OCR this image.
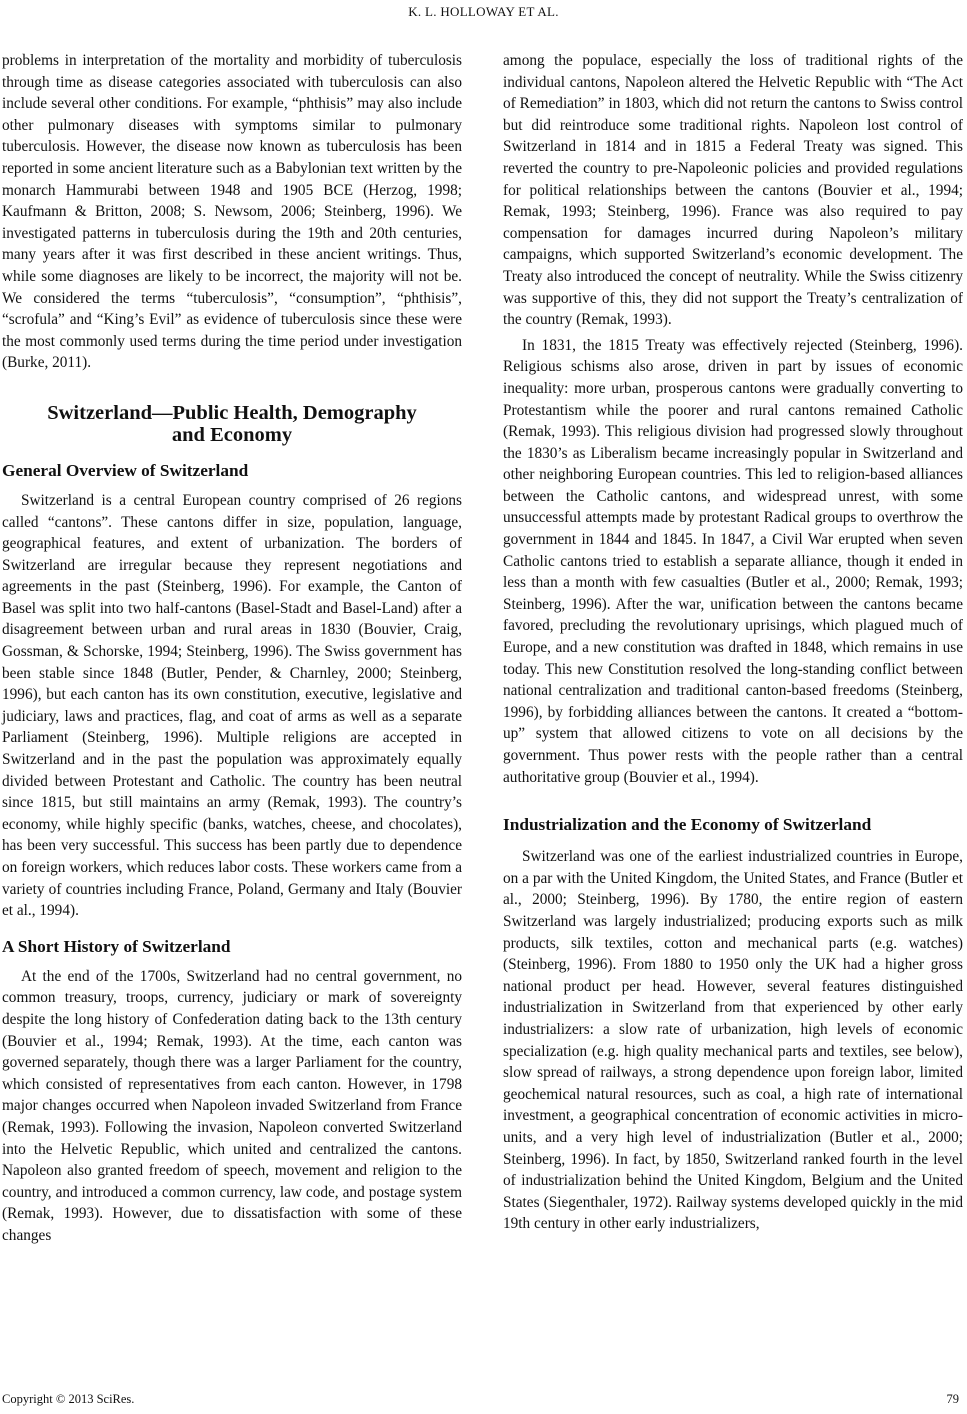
K. L. HOLLOWAY ET AL.

problems in interpretation of the mortality and morbidity of tuberculosis through time as disease categories associated with tuberculosis can also include several other conditions. For example, “phthisis” may also include other pulmonary diseases with symptoms similar to pulmonary tuberculosis. However, the disease now known as tuberculosis has been reported in some ancient literature such as a Babylonian text written by the monarch Hammurabi between 1948 and 1905 BCE (Herzog, 1998; Kaufmann & Britton, 2008; S. Newsom, 2006; Steinberg, 1996). We investigated patterns in tuberculosis during the 19th and 20th centuries, many years after it was first described in these ancient writings. Thus, while some diagnoses are likely to be incorrect, the majority will not be. We considered the terms “tuberculosis”, “consumption”, “phthisis”, “scrofula” and “King’s Evil” as evidence of tuberculosis since these were the most commonly used terms during the time period under investigation (Burke, 2011).

Switzerland—Public Health, Demography
and Economy
General Overview of Switzerland

Switzerland is a central European country comprised of 26 regions called “cantons”. These cantons differ in size, population, language, geographical features, and extent of urbanization. The borders of Switzerland are irregular because they represent negotiations and agreements in the past (Steinberg, 1996). For example, the Canton of Basel was split into two half-cantons (Basel-Stadt and Basel-Land) after a disagreement between urban and rural areas in 1830 (Bouvier, Craig, Gossman, & Schorske, 1994; Steinberg, 1996). The Swiss government has been stable since 1848 (Butler, Pender, & Charnley, 2000; Steinberg, 1996), but each canton has its own constitution, executive, legislative and judiciary, laws and practices, flag, and coat of arms as well as a separate Parliament (Steinberg, 1996). Multiple religions are accepted in Switzerland and in the past the population was approximately equally divided between Protestant and Catholic. The country has been neutral since 1815, but still maintains an army (Remak, 1993). The country’s economy, while highly specific (banks, watches, cheese, and chocolates), has been very successful. This success has been partly due to dependence on foreign workers, which reduces labor costs. These workers came from a variety of countries including France, Poland, Germany and Italy (Bouvier et al., 1994).

A Short History of Switzerland

At the end of the 1700s, Switzerland had no central government, no common treasury, troops, currency, judiciary or mark of sovereignty despite the long history of Confederation dating back to the 13th century (Bouvier et al., 1994; Remak, 1993). At the time, each canton was governed separately, though there was a larger Parliament for the country, which consisted of representatives from each canton. However, in 1798 major changes occurred when Napoleon invaded Switzerland from France (Remak, 1993). Following the invasion, Napoleon converted Switzerland into the Helvetic Republic, which united and centralized the cantons. Napoleon also granted freedom of speech, movement and religion to the country, and introduced a common currency, law code, and postage system (Remak, 1993). However, due to dissatisfaction with some of these changes

among the populace, especially the loss of traditional rights of the individual cantons, Napoleon altered the Helvetic Republic with “The Act of Remediation” in 1803, which did not return the cantons to Swiss control but did reintroduce some traditional rights. Napoleon lost control of Switzerland in 1814 and in 1815 a Federal Treaty was signed. This reverted the country to pre-Napoleonic policies and provided regulations for political relationships between the cantons (Bouvier et al., 1994; Remak, 1993; Steinberg, 1996). France was also required to pay compensation for damages incurred during Napoleon’s military campaigns, which supported Switzerland’s economic development. The Treaty also introduced the concept of neutrality. While the Swiss citizenry was supportive of this, they did not support the Treaty’s centralization of the country (Remak, 1993).

In 1831, the 1815 Treaty was effectively rejected (Steinberg, 1996). Religious schisms also arose, driven in part by issues of economic inequality: more urban, prosperous cantons were gradually converting to Protestantism while the poorer and rural cantons remained Catholic (Remak, 1993). This religious division had progressed slowly throughout the 1830’s as Liberalism became increasingly popular in Switzerland and other neighboring European countries. This led to religion-based alliances between the Catholic cantons, and widespread unrest, with some unsuccessful attempts made by protestant Radical groups to overthrow the government in 1844 and 1845. In 1847, a Civil War erupted when seven Catholic cantons tried to establish a separate alliance, though it ended in less than a month with few casualties (Butler et al., 2000; Remak, 1993; Steinberg, 1996). After the war, unification between the cantons became favored, precluding the revolutionary uprisings, which plagued much of Europe, and a new constitution was drafted in 1848, which remains in use today. This new Constitution resolved the long-standing conflict between national centralization and traditional canton-based freedoms (Steinberg, 1996), by forbidding alliances between the cantons. It created a “bottom-up” system that allowed citizens to vote on all decisions by the government. Thus power rests with the people rather than a central authoritative group (Bouvier et al., 1994).

Industrialization and the Economy of Switzerland

Switzerland was one of the earliest industrialized countries in Europe, on a par with the United Kingdom, the United States, and France (Butler et al., 2000; Steinberg, 1996). By 1780, the entire region of eastern Switzerland was largely industrialized; producing exports such as milk products, silk textiles, cotton and mechanical parts (e.g. watches) (Steinberg, 1996). From 1880 to 1950 only the UK had a higher gross national product per head. However, several features distinguished industrialization in Switzerland from that experienced by other early industrializers: a slow rate of urbanization, high levels of economic specialization (e.g. high quality mechanical parts and textiles, see below), slow spread of railways, a strong dependence upon foreign labor, limited geochemical natural resources, such as coal, a high rate of international investment, a geographical concentration of economic activities in micro-units, and a very high level of industrialization (Butler et al., 2000; Steinberg, 1996). In fact, by 1850, Switzerland ranked fourth in the level of industrialization behind the United Kingdom, Belgium and the United States (Siegenthaler, 1972). Railway systems developed quickly in the mid 19th century in other early industrializers,

Copyright © 2013 SciRes.	79
